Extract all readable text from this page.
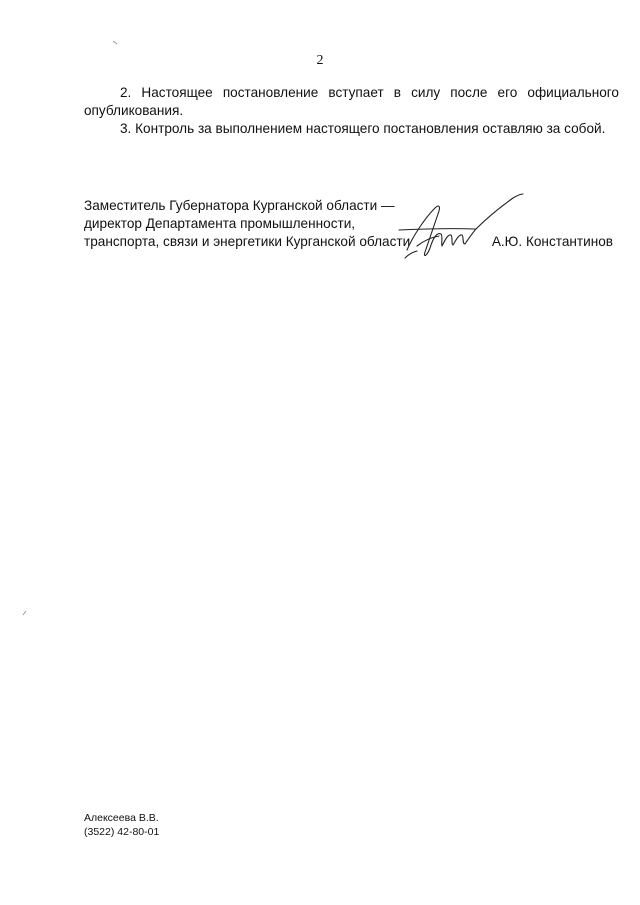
2

2. Настоящее постановление вступает в силу после его официального опубликования.

3. Контроль за выполнением настоящего постановления оставляю за собой.

Заместитель Губернатора Курганской области —
директор Департамента промышленности,
транспорта, связи и энергетики Курганской области	А.Ю. Константинов
Алексеева В.В.
(3522) 42-80-01
